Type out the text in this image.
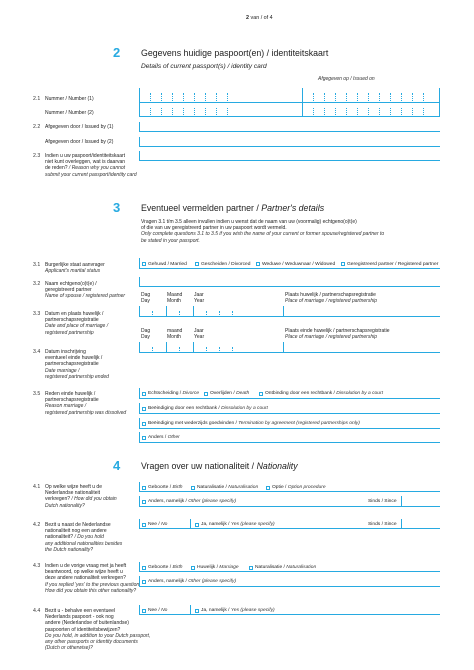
2 van / of 4
2 Gegevens huidige paspoort(en) / identiteitskaart
Details of current passport(s) / identity card
Afgegeven op / Issued on
2.1 Nummer / Number (1)
Nummer / Number (2)
2.2 Afgegeven door / Issued by (1)
Afgegeven door / Issued by (2)
2.3 Indien u uw paspoort/identiteitskaart
niet kunt overleggen, wat is daarvan
de reden? / Reason why you cannot
submit your current passport/identity card
3 Eventueel vermelden partner / Partner's details
Vragen 3.1 t/m 3.5 alleen invullen indien u wenst dat de naam van uw (voormalig) echtgeno(o)t(e)
of die van uw geregistreerd partner in uw paspoort wordt vermeld.
Only complete questions 3.1 to 3.5 if you wish the name of your current or former spouse/registered partner to
be stated in your passport.
3.1 Burgerlijke staat aanvrager
Applicant's marital status
Gehuwd / Married	Gescheiden / Divorced Weduwe / Weduwnaar / Widowed Geregistreerd partner / Registered partner
3.2 Naam echtgeno(o)t(e) /
geregistreerd partner
Name of spouse / registered partner
3.3 Datum en plaats huwelijk /
partnerschapsregistratie
Date and place of marriage /
registered partnership
Dag
Day
Maand
Month
Jaar
Year
Plaats huwelijk / partnerschapsregistratie
Place of marriage / registered partnership
3.4 Datum inschrijving
eventueel einde huwelijk /
partnerschapsregistratie
Date marriage /
registered partnership ended
Dag
Day
maand
Month
Jaar
Year
Plaats einde huwelijk / partnerschapsregistratie
Place of marriage / registered partnership
3.5 Reden einde huwelijk /
partnerschapsregistratie
Reason marriage /
registered partnership was dissolved
Echtscheiding / Divorce Overlijden / Death	Ontbinding door een rechtbank / Dissolution by a court
Beëindiging door een rechtbank / Dissolution by a court
Beëindiging met wederzijds goedvinden / Termination by agreement (registered partnerships only)
Anders / Other
4 Vragen over uw nationaliteit / Nationality
4.1 Op welke wijze heeft u de
Nederlandse nationaliteit
verkregen? / How did you obtain
Dutch nationality?
Geboorte / Birth	Naturalisatie / Naturalisation	Optie / Option procedure
Anders, namelijk / Other (please specify)	Sinds / Since
4.2 Bezit u naast de Nederlandse
nationaliteit nog een andere
nationaliteit? / Do you hold
any additional nationalities besides
the Dutch nationality?
Nee / No	Ja, namelijk / Yes (please specify)	Sinds / Since
4.3 Indien u de vorige vraag met ja heeft
beantwoord, op welke wijze heeft u
deze andere nationaliteit verkregen?
If you replied 'yes' to the previous question,
How did you obtain this other nationality?
Geboorte / Birth	Huwelijk / Marriage	Naturalisatie / Naturalisation
Anders, namelijk / Other (please specify)
4.4 Bezit u - behalve een eventueel
Nederlands paspoort - ook nog
andere (Nederlandse of buitenlandse)
paspoorten of identiteitsbewijzen?
Do you hold, in addition to your Dutch passport,
any other passports or identity documents
(Dutch or otherwise)?
Nee / No	Ja, namelijk / Yes (please specify)
